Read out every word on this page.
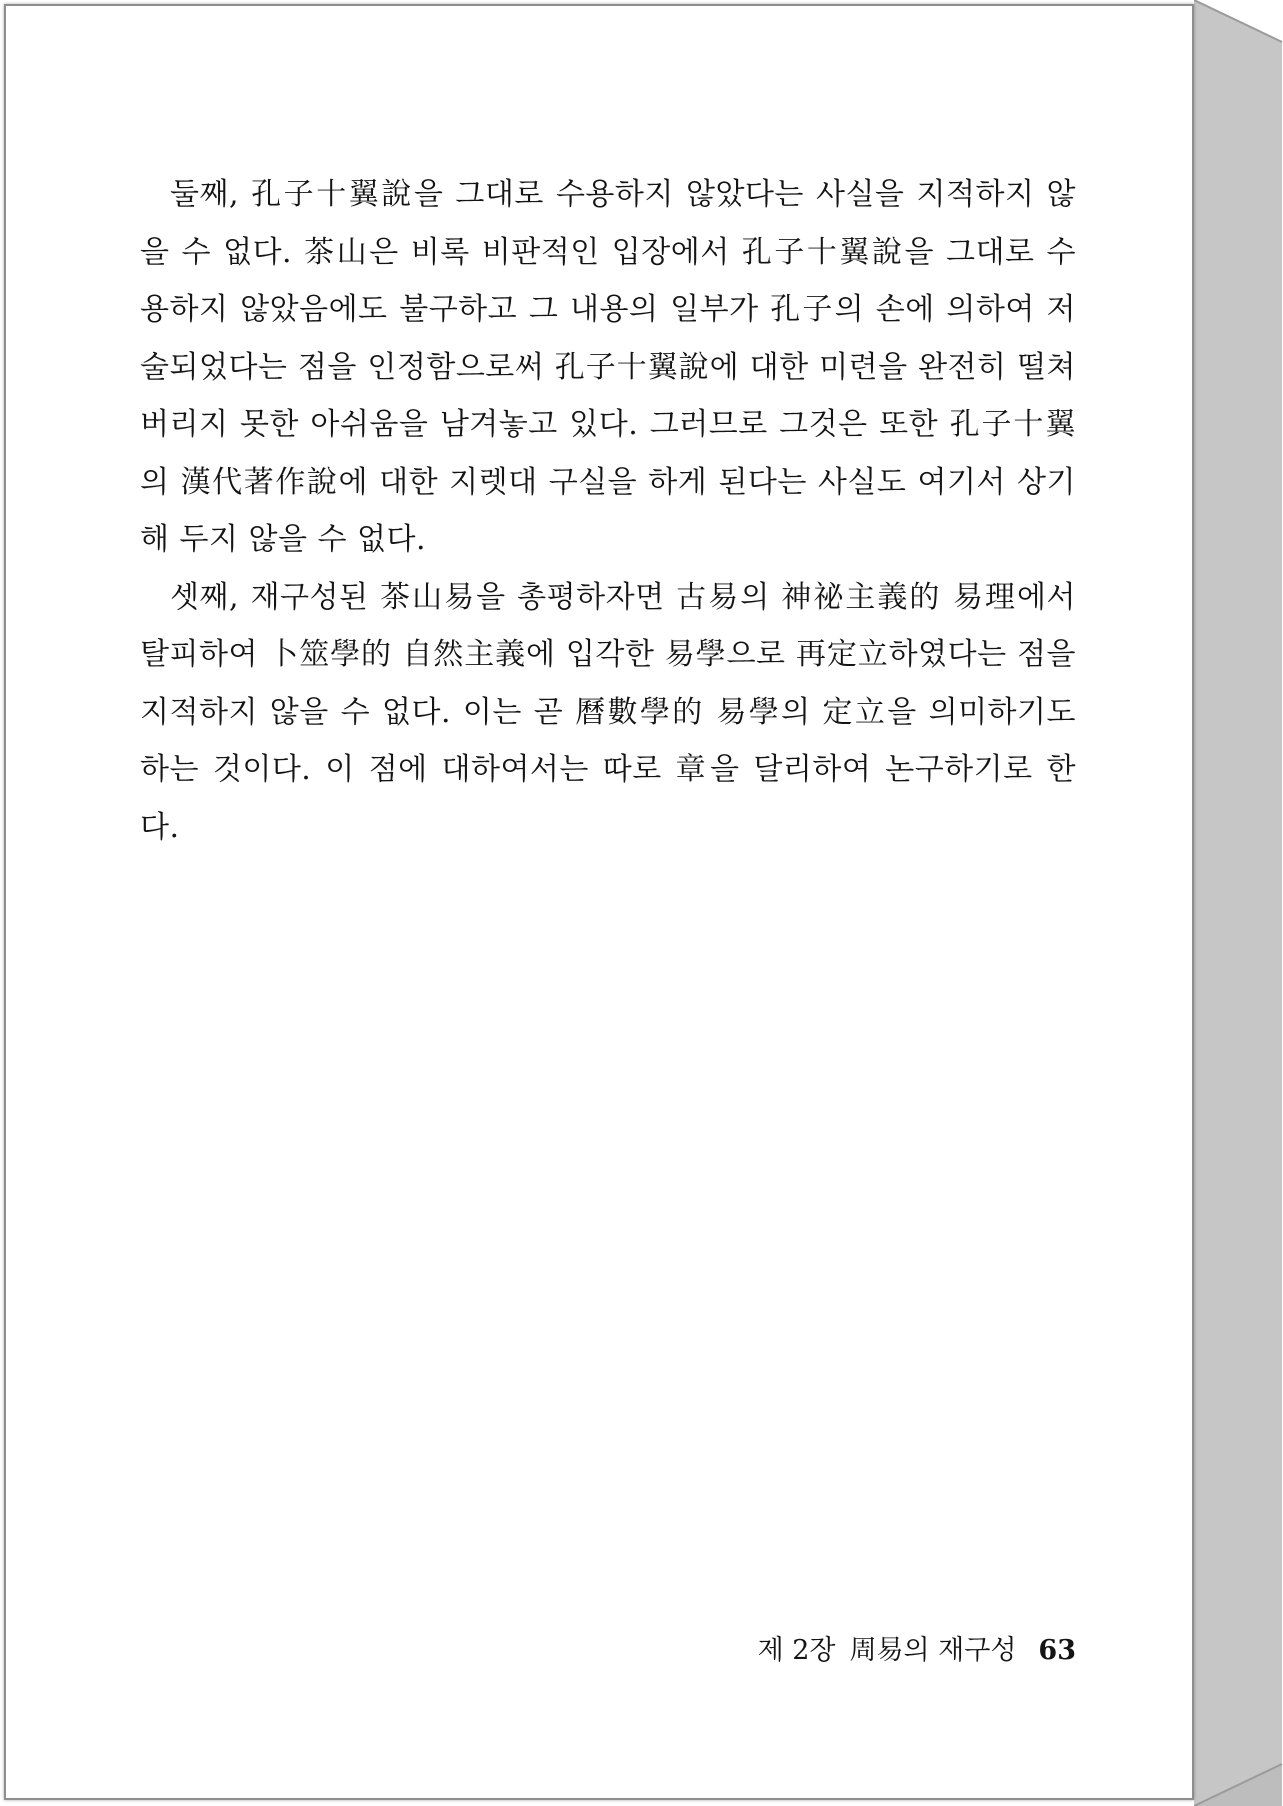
둘째, 孔子十翼說을 그대로 수용하지 않았다는 사실을 지적하지 않
을 수 없다. 茶山은 비록 비판적인 입장에서 孔子十翼說을 그대로 수
용하지 않았음에도 불구하고 그 내용의 일부가 孔子의 손에 의하여 저
술되었다는 점을 인정함으로써 孔子十翼說에 대한 미련을 완전히 떨쳐
버리지 못한 아쉬움을 남겨놓고 있다. 그러므로 그것은 또한 孔子十翼
의 漢代著作說에 대한 지렛대 구실을 하게 된다는 사실도 여기서 상기
해 두지 않을 수 없다.

셋째, 재구성된 茶山易을 총평하자면 古易의 神祕主義的 易理에서
탈피하여 卜筮學的 自然主義에 입각한 易學으로 再定立하였다는 점을
지적하지 않을 수 없다. 이는 곧 曆數學的 易學의 定立을 의미하기도
하는 것이다. 이 점에 대하여서는 따로 章을 달리하여 논구하기로 한
다.

제 2장 周易의 재구성 63
